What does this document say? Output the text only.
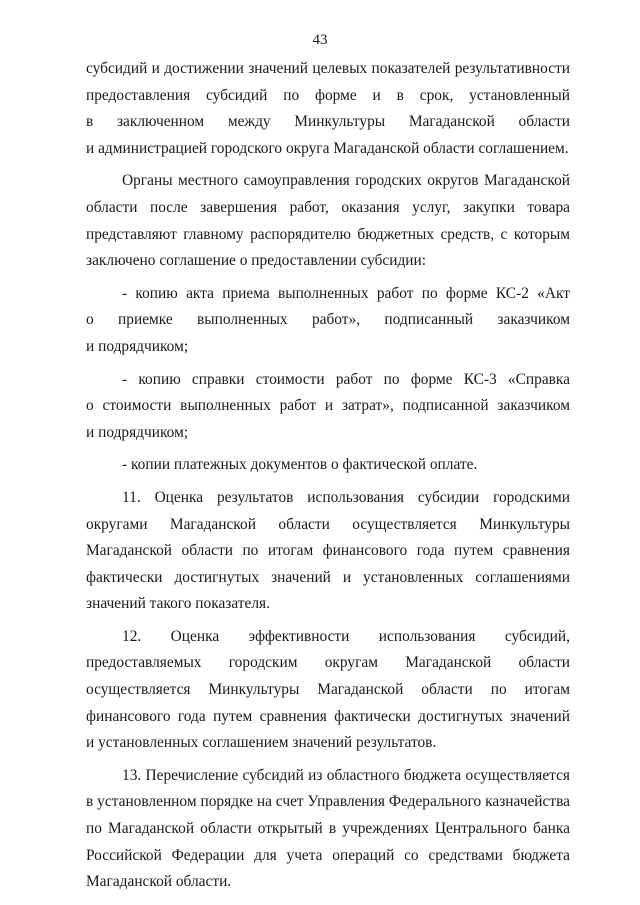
43
субсидий и достижении значений целевых показателей результативности
предоставления субсидий по форме и в срок, установленный
в заключенном между Минкультуры Магаданской области
и администрацией городского округа Магаданской области соглашением.
Органы местного самоуправления городских округов Магаданской
области после завершения работ, оказания услуг, закупки товара
представляют главному распорядителю бюджетных средств, с которым
заключено соглашение о предоставлении субсидии:
- копию акта приема выполненных работ по форме КС-2 «Акт
о приемке выполненных работ», подписанный заказчиком
и подрядчиком;
- копию справки стоимости работ по форме КС-3 «Справка
о стоимости выполненных работ и затрат», подписанной заказчиком
и подрядчиком;
- копии платежных документов о фактической оплате.
11. Оценка результатов использования субсидии городскими
округами Магаданской области осуществляется Минкультуры
Магаданской области по итогам финансового года путем сравнения
фактически достигнутых значений и установленных соглашениями
значений такого показателя.
12. Оценка эффективности использования субсидий,
предоставляемых городским округам Магаданской области
осуществляется Минкультуры Магаданской области по итогам
финансового года путем сравнения фактически достигнутых значений
и установленных соглашением значений результатов.
13. Перечисление субсидий из областного бюджета осуществляется
в установленном порядке на счет Управления Федерального казначейства
по Магаданской области открытый в учреждениях Центрального банка
Российской Федерации для учета операций со средствами бюджета
Магаданской области.
